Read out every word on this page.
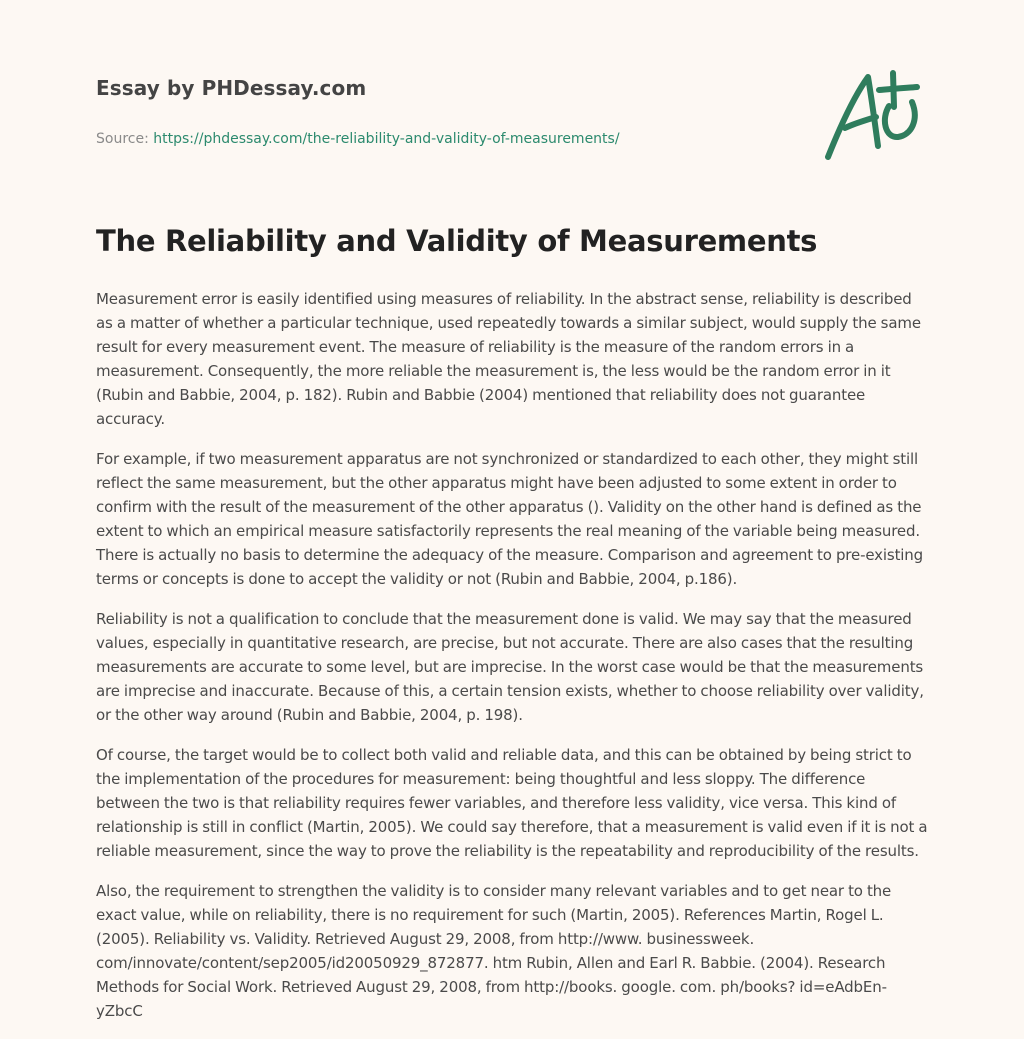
Essay by PHDessay.com
Source: https://phdessay.com/the-reliability-and-validity-of-measurements/
The Reliability and Validity of Measurements

Measurement error is easily identified using measures of reliability. In the abstract sense, reliability is described as a matter of whether a particular technique, used repeatedly towards a similar subject, would supply the same result for every measurement event. The measure of reliability is the measure of the random errors in a measurement. Consequently, the more reliable the measurement is, the less would be the random error in it (Rubin and Babbie, 2004, p. 182). Rubin and Babbie (2004) mentioned that reliability does not guarantee accuracy.

For example, if two measurement apparatus are not synchronized or standardized to each other, they might still reflect the same measurement, but the other apparatus might have been adjusted to some extent in order to confirm with the result of the measurement of the other apparatus (). Validity on the other hand is defined as the extent to which an empirical measure satisfactorily represents the real meaning of the variable being measured. There is actually no basis to determine the adequacy of the measure. Comparison and agreement to pre-existing terms or concepts is done to accept the validity or not (Rubin and Babbie, 2004, p.186).

Reliability is not a qualification to conclude that the measurement done is valid. We may say that the measured values, especially in quantitative research, are precise, but not accurate. There are also cases that the resulting measurements are accurate to some level, but are imprecise. In the worst case would be that the measurements are imprecise and inaccurate. Because of this, a certain tension exists, whether to choose reliability over validity, or the other way around (Rubin and Babbie, 2004, p. 198).

Of course, the target would be to collect both valid and reliable data, and this can be obtained by being strict to the implementation of the procedures for measurement: being thoughtful and less sloppy. The difference between the two is that reliability requires fewer variables, and therefore less validity, vice versa. This kind of relationship is still in conflict (Martin, 2005). We could say therefore, that a measurement is valid even if it is not a reliable measurement, since the way to prove the reliability is the repeatability and reproducibility of the results.

Also, the requirement to strengthen the validity is to consider many relevant variables and to get near to the exact value, while on reliability, there is no requirement for such (Martin, 2005). References Martin, Rogel L. (2005). Reliability vs. Validity. Retrieved August 29, 2008, from http://www. businessweek. com/innovate/content/sep2005/id20050929_872877. htm Rubin, Allen and Earl R. Babbie. (2004). Research Methods for Social Work. Retrieved August 29, 2008, from http://books. google. com. ph/books? id=eAdbEn-yZbcC
